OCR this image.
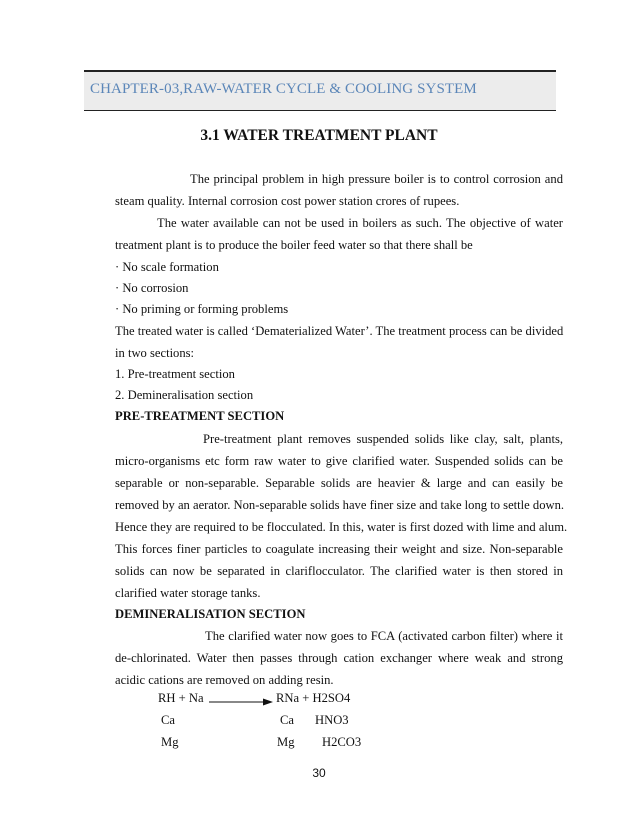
CHAPTER-03,RAW-WATER CYCLE & COOLING SYSTEM
3.1 WATER TREATMENT PLANT
The principal problem in high pressure boiler is to control corrosion and
steam quality. Internal corrosion cost power station crores of rupees.
The water available can not be used in boilers as such. The objective of water
treatment plant is to produce the boiler feed water so that there shall be
· No scale formation
· No corrosion
· No priming or forming problems
The treated water is called ‘Dematerialized Water’. The treatment process can be divided
in two sections:
1. Pre-treatment section
2. Demineralisation section
PRE-TREATMENT SECTION
Pre-treatment plant removes suspended solids like clay, salt, plants,
micro-organisms etc form raw water to give clarified water. Suspended solids can be
separable or non-separable. Separable solids are heavier & large and can easily be
removed by an aerator. Non-separable solids have finer size and take long to settle down.
Hence they are required to be flocculated. In this, water is first dozed with lime and alum.
This forces finer particles to coagulate increasing their weight and size. Non-separable
solids can now be separated in clariflocculator. The clarified water is then stored in
clarified water storage tanks.
DEMINERALISATION SECTION
The clarified water now goes to FCA (activated carbon filter) where it
de-chlorinated. Water then passes through cation exchanger where weak and strong
acidic cations are removed on adding resin.
RH + Na → RNa + H2SO4
Ca	Ca HNO3
Mg	Mg H2CO3
30
